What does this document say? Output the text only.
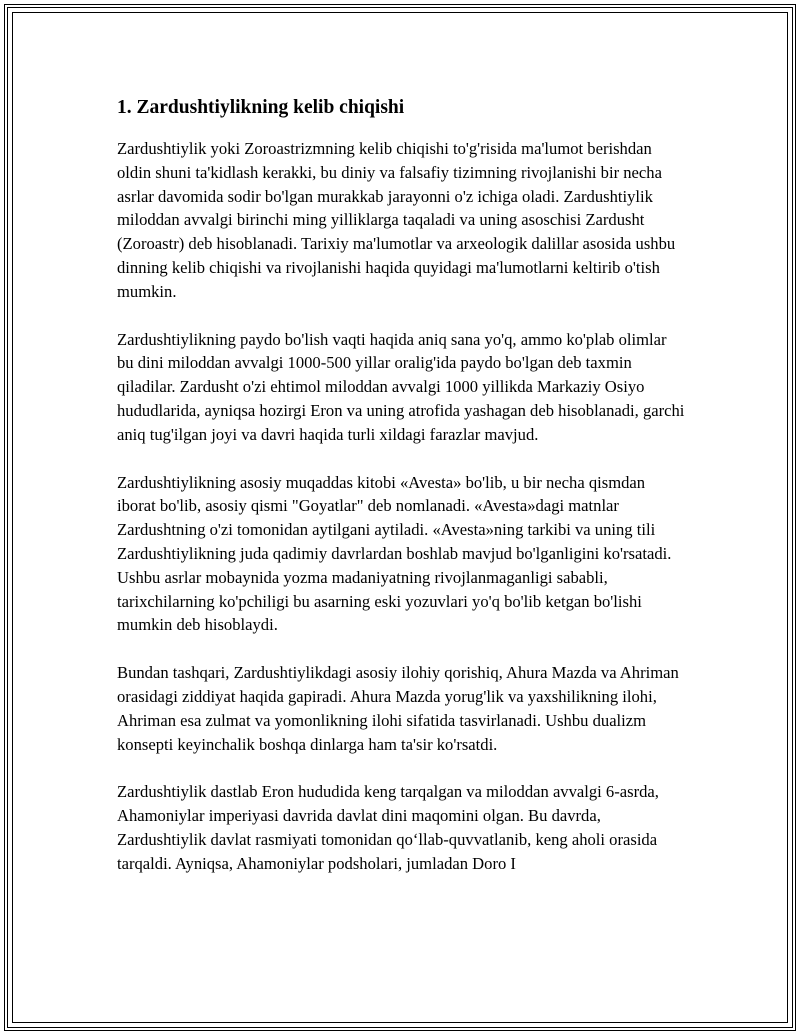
1. Zardushtiylikning kelib chiqishi

Zardushtiylik yoki Zoroastrizmning kelib chiqishi to'g'risida ma'lumot berishdan oldin shuni ta'kidlash kerakki, bu diniy va falsafiy tizimning rivojlanishi bir necha asrlar davomida sodir bo'lgan murakkab jarayonni o'z ichiga oladi. Zardushtiylik miloddan avvalgi birinchi ming yilliklarga taqaladi va uning asoschisi Zardusht (Zoroastr) deb hisoblanadi. Tarixiy ma'lumotlar va arxeologik dalillar asosida ushbu dinning kelib chiqishi va rivojlanishi haqida quyidagi ma'lumotlarni keltirib o'tish mumkin.

Zardushtiylikning paydo bo'lish vaqti haqida aniq sana yo'q, ammo ko'plab olimlar bu dini miloddan avvalgi 1000-500 yillar oralig'ida paydo bo'lgan deb taxmin qiladilar. Zardusht o'zi ehtimol miloddan avvalgi 1000 yillikda Markaziy Osiyo hududlarida, ayniqsa hozirgi Eron va uning atrofida yashagan deb hisoblanadi, garchi aniq tug'ilgan joyi va davri haqida turli xildagi farazlar mavjud.

Zardushtiylikning asosiy muqaddas kitobi «Avesta» bo'lib, u bir necha qismdan iborat bo'lib, asosiy qismi "Goyatlar" deb nomlanadi. «Avesta»dagi matnlar Zardushtning o'zi tomonidan aytilgani aytiladi. «Avesta»ning tarkibi va uning tili Zardushtiylikning juda qadimiy davrlardan boshlab mavjud bo'lganligini ko'rsatadi. Ushbu asrlar mobaynida yozma madaniyatning rivojlanmaganligi sababli, tarixchilarning ko'pchiligi bu asarning eski yozuvlari yo'q bo'lib ketgan bo'lishi mumkin deb hisoblaydi.

Bundan tashqari, Zardushtiylikdagi asosiy ilohiy qorishiq, Ahura Mazda va Ahriman orasidagi ziddiyat haqida gapiradi. Ahura Mazda yorug'lik va yaxshilikning ilohi, Ahriman esa zulmat va yomonlikning ilohi sifatida tasvirlanadi. Ushbu dualizm konsepti keyinchalik boshqa dinlarga ham ta'sir ko'rsatdi.

Zardushtiylik dastlab Eron hududida keng tarqalgan va miloddan avvalgi 6-asrda, Ahamoniylar imperiyasi davrida davlat dini maqomini olgan. Bu davrda, Zardushtiylik davlat rasmiyati tomonidan qo‘llab-quvvatlanib, keng aholi orasida tarqaldi. Ayniqsa, Ahamoniylar podsholari, jumladan Doro I
